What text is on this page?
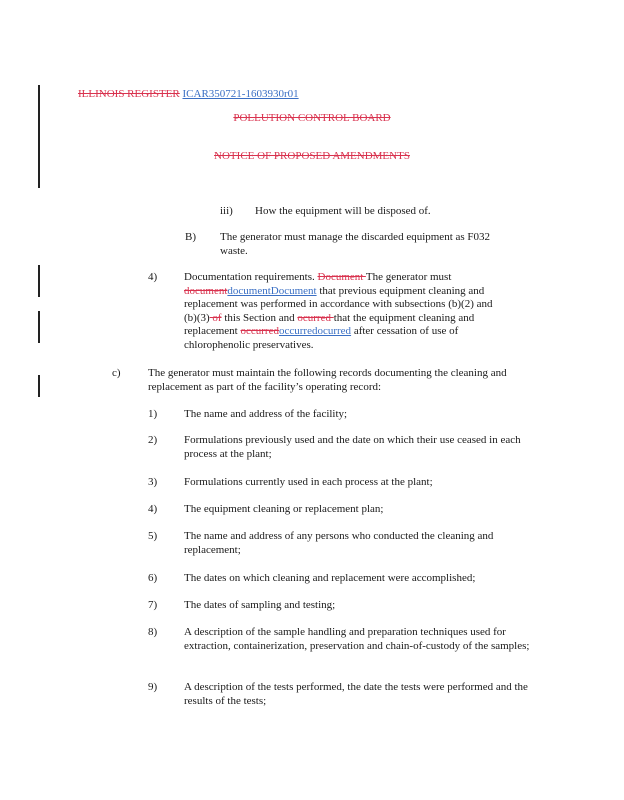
ILLINOIS REGISTER ICAR350721-1603930r01
POLLUTION CONTROL BOARD
NOTICE OF PROPOSED AMENDMENTS
iii) How the equipment will be disposed of.
B) The generator must manage the discarded equipment as F032

waste.

4) Documentation requirements. Document The generator must
documentdocumentDocument that previous equipment cleaning and
replacement was performed in accordance with subsections (b)(2) and
(b)(3) of this Section and ocurred that the equipment cleaning and
replacement occurredoccurredocurred after cessation of use of
chlorophenolic preservatives.
c) The generator must maintain the following records documenting the cleaning and

replacement as part of the facility’s operating record:

1) The name and address of the facility;
2) Formulations previously used and the date on which their use ceased in each process at the plant;
3) Formulations currently used in each process at the plant;
4) The equipment cleaning or replacement plan;
5) The name and address of any persons who conducted the cleaning and replacement;
6) The dates on which cleaning and replacement were accomplished;
7) The dates of sampling and testing;
8) A description of the sample handling and preparation techniques used for extraction, containerization, preservation and chain-of-custody of the samples;
9) A description of the tests performed, the date the tests were performed and the results of the tests;
